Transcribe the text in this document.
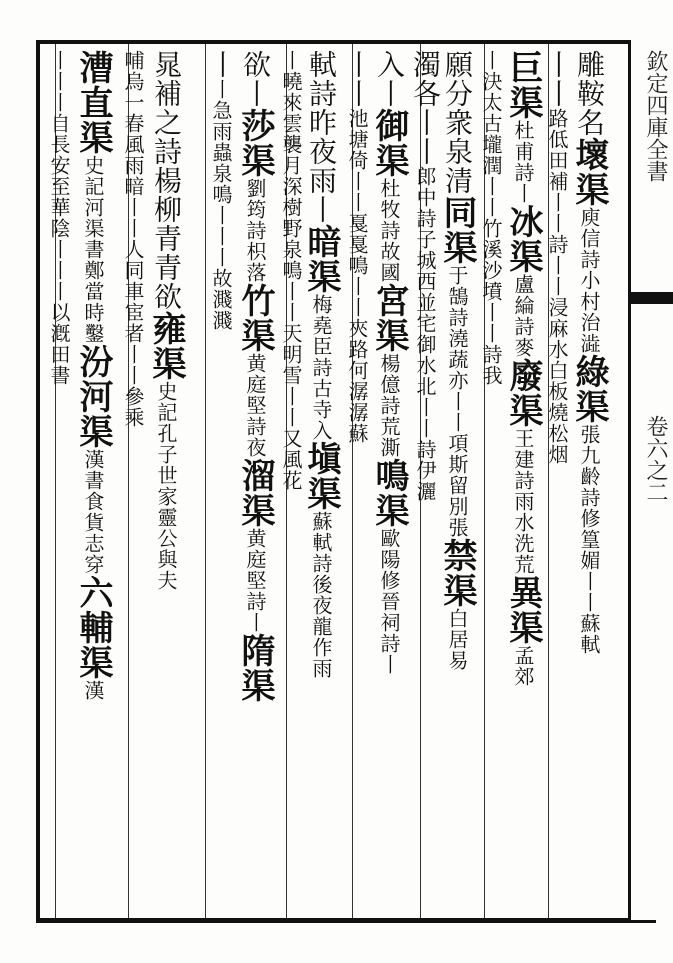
欽定四庫全書
卷六之二
雕鞍名壞渠庾信詩小村治澁綠渠張九齡詩修篁媚丨丨蘇軾
丨丨路低田補丨丨詩丨丨浸麻水白板燒松烟
巨渠杜甫詩丨冰渠盧綸詩麥廢渠王建詩雨水洗荒異渠孟郊
丨決太古壠潤丨丨竹溪沙墳丨丨詩我
願分衆泉清同渠于鵠詩澆蔬亦丨丨項斯留別張禁渠白居易
濁各丨丨郎中詩子城西並宅御水北丨丨詩伊灑
入丨御渠杜牧詩故國宮渠楊億詩荒澌鳴渠歐陽修晉祠詩丨
丨丨池塘倚丨丨戛戛鳴丨丨夾路何潺潺蘇
軾詩昨夜雨丨暗渠梅堯臣詩古寺入塡渠蘇軾詩後夜龍作雨
丨曉來雲襲月深樹野泉鳴丨丨天明雪丨丨又風花
欲丨莎渠劉筠詩枳落竹渠黄庭堅詩夜溜渠黄庭堅詩丨隋渠
丨丨急雨蟲泉鳴丨丨丨故濺濺
晁補之詩楊柳青青欲雍渠史記孔子世家靈公與夫
哺烏一春風雨暗丨丨人同車宦者丨丨參乘
漕直渠史記河渠書鄭當時鑿汾河渠漢書食貨志穿六輔渠漢
丨丨丨自長安至華陰丨丨丨以漑田書
